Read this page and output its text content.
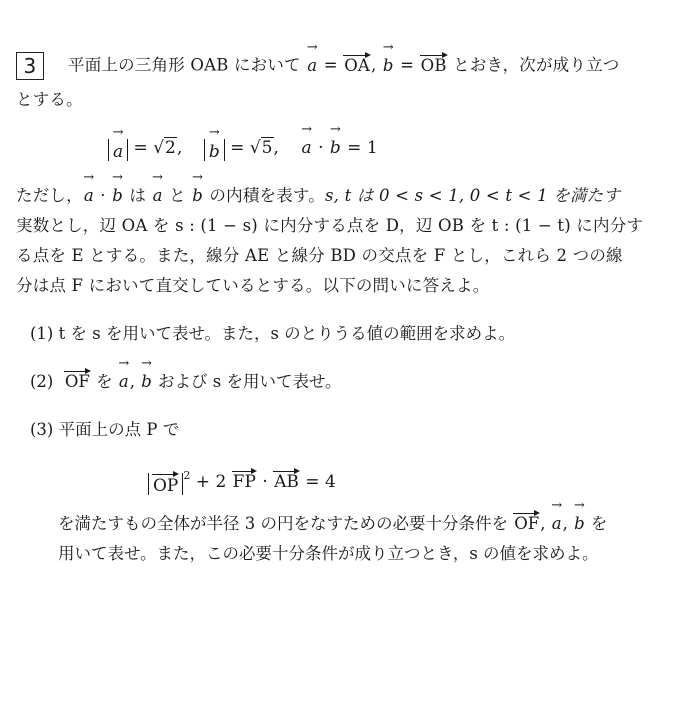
3 平面上の三角形 OAB において → a = OA, → b = OB とおき，次が成り立つ
とする。
→ a = √2,    → b = √5,    → a · → b = 1
ただし，→ a · → b は → a と → b の内積を表す。s, t は 0 < s < 1, 0 < t < 1 を満たす
実数とし，辺 OA を s : (1 − s) に内分する点を D，辺 OB を t : (1 − t) に内分す
る点を E とする。また，線分 AE と線分 BD の交点を F とし，これら 2 つの線
分は点 F において直交しているとする。以下の問いに答えよ。
(1) t を s を用いて表せ。また，s のとりうる値の範囲を求めよ。
(2) OF を → a, → b および s を用いて表せ。
(3) 平面上の点 P で
$OP^2 + 2$ FP · AB = 4
を満たすもの全体が半径 3 の円をなすための必要十分条件を OF, → a, → b を
用いて表せ。また，この必要十分条件が成り立つとき，s の値を求めよ。
